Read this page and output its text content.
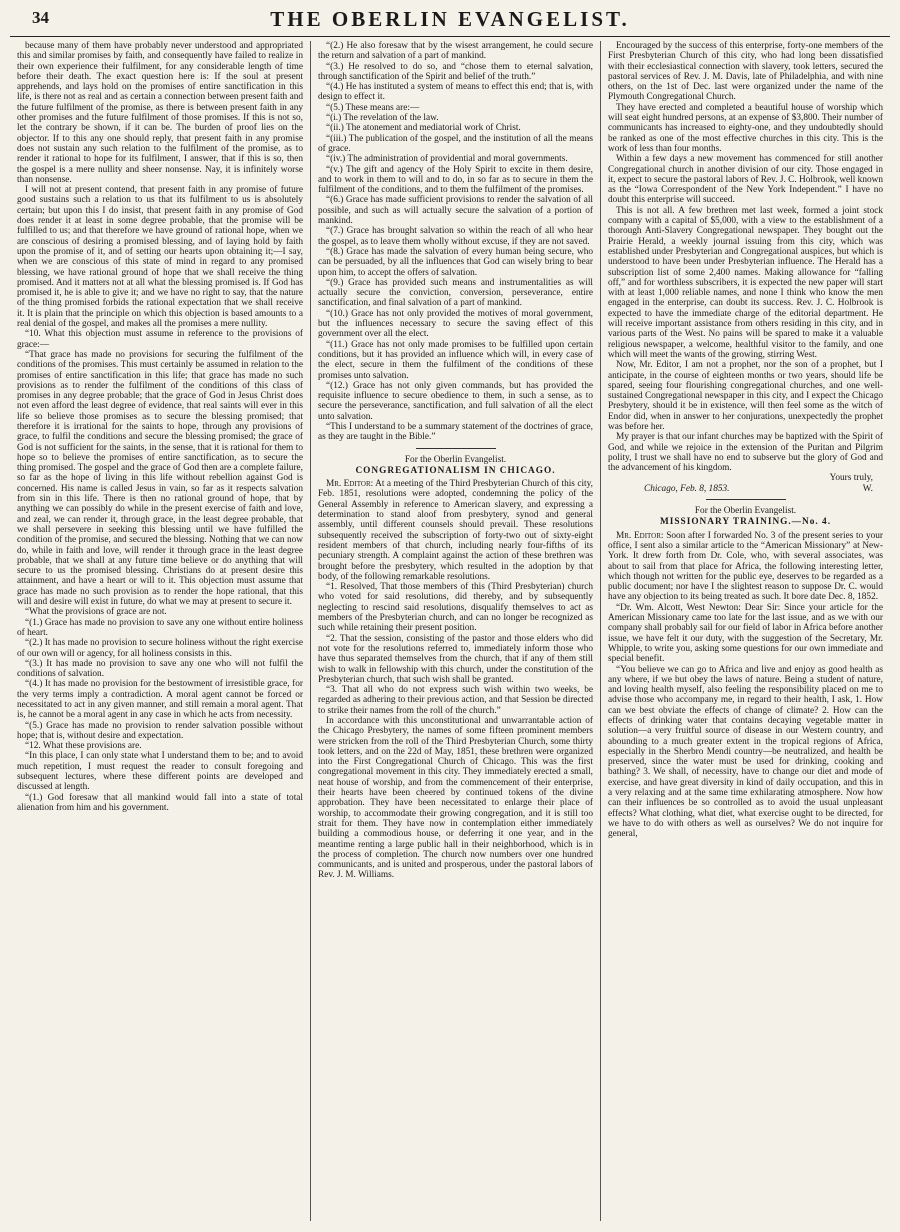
34	THE OBERLIN EVANGELIST.

because many of them have probably never understood and appropriated this and similar promises by faith, and consequently have failed to realize in their own experience their fulfilment, for any considerable length of time before their death. The exact question here is: If the soul at present apprehends, and lays hold on the promises of entire sanctification in this life, is there not as real and as certain a connection between present faith and the future fulfilment of the promise, as there is between present faith in any other promises and the future fulfilment of those promises. If this is not so, let the contrary be shown, if it can be. The burden of proof lies on the objector. If to this any one should reply, that present faith in any promise does not sustain any such relation to the fulfilment of the promise, as to render it rational to hope for its fulfilment, I answer, that if this is so, then the gospel is a mere nullity and sheer nonsense. Nay, it is infinitely worse than nonsense.

I will not at present contend, that present faith in any promise of future good sustains such a relation to us that its fulfilment to us is absolutely certain; but upon this I do insist, that present faith in any promise of God does render it at least in some degree probable, that the promise will be fulfilled to us; and that therefore we have ground of rational hope, when we are conscious of desiring a promised blessing, and of laying hold by faith upon the promise of it, and of setting our hearts upon obtaining it;—I say, when we are conscious of this state of mind in regard to any promised blessing, we have rational ground of hope that we shall receive the thing promised. And it matters not at all what the blessing promised is. If God has promised it, he is able to give it; and we have no right to say, that the nature of the thing promised forbids the rational expectation that we shall receive it. It is plain that the principle on which this objection is based amounts to a real denial of the gospel, and makes all the promises a mere nullity.

“10. What this objection must assume in reference to the provisions of grace:—

“That grace has made no provisions for securing the fulfilment of the conditions of the promises. This must certainly be assumed in relation to the promises of entire sanctification in this life; that grace has made no such provisions as to render the fulfilment of the conditions of this class of promises in any degree probable; that the grace of God in Jesus Christ does not even afford the least degree of evidence, that real saints will ever in this life so believe those promises as to secure the blessing promised; that therefore it is irrational for the saints to hope, through any provisions of grace, to fulfil the conditions and secure the blessing promised; the grace of God is not sufficient for the saints, in the sense, that it is rational for them to hope so to believe the promises of entire sanctification, as to secure the thing promised. The gospel and the grace of God then are a complete failure, so far as the hope of living in this life without rebellion against God is concerned. His name is called Jesus in vain, so far as it respects salvation from sin in this life. There is then no rational ground of hope, that by anything we can possibly do while in the present exercise of faith and love, and zeal, we can render it, through grace, in the least degree probable, that we shall persevere in seeking this blessing until we have fulfilled the condition of the promise, and secured the blessing. Nothing that we can now do, while in faith and love, will render it through grace in the least degree probable, that we shall at any future time believe or do anything that will secure to us the promised blessing. Christians do at present desire this attainment, and have a heart or will to it. This objection must assume that grace has made no such provision as to render the hope rational, that this will and desire will exist in future, do what we may at present to secure it.

“What the provisions of grace are not.

“(1.) Grace has made no provision to save any one without entire holiness of heart.

“(2.) It has made no provision to secure holiness without the right exercise of our own will or agency, for all holiness consists in this.

“(3.) It has made no provision to save any one who will not fulfil the conditions of salvation.

“(4.) It has made no provision for the bestowment of irresistible grace, for the very terms imply a contradiction. A moral agent cannot be forced or necessitated to act in any given manner, and still remain a moral agent. That is, he cannot be a moral agent in any case in which he acts from necessity.

“(5.) Grace has made no provision to render salvation possible without hope; that is, without desire and expectation.

“12. What these provisions are.

“In this place, I can only state what I understand them to be; and to avoid much repetition, I must request the reader to consult foregoing and subsequent lectures, where these different points are developed and discussed at length.

“(1.) God foresaw that all mankind would fall into a state of total alienation from him and his government.

“(2.) He also foresaw that by the wisest arrangement, he could secure the return and salvation of a part of mankind.

“(3.) He resolved to do so, and “chose them to eternal salvation, through sanctification of the Spirit and belief of the truth.”

“(4.) He has instituted a system of means to effect this end; that is, with design to effect it.

“(5.) These means are:—

“(i.) The revelation of the law.

“(ii.) The atonement and mediatorial work of Christ.

“(iii.) The publication of the gospel, and the institution of all the means of grace.

“(iv.) The administration of providential and moral governments.

“(v.) The gift and agency of the Holy Spirit to excite in them desire, and to work in them to will and to do, in so far as to secure in them the fulfilment of the conditions, and to them the fulfilment of the promises.

“(6.) Grace has made sufficient provisions to render the salvation of all possible, and such as will actually secure the salvation of a portion of mankind.

“(7.) Grace has brought salvation so within the reach of all who hear the gospel, as to leave them wholly without excuse, if they are not saved.

“(8.) Grace has made the salvation of every human being secure, who can be persuaded, by all the influences that God can wisely bring to bear upon him, to accept the offers of salvation.

“(9.) Grace has provided such means and instrumentalities as will actually secure the conviction, conversion, perseverance, entire sanctification, and final salvation of a part of mankind.

“(10.) Grace has not only provided the motives of moral government, but the influences necessary to secure the saving effect of this government over all the elect.

“(11.) Grace has not only made promises to be fulfilled upon certain conditions, but it has provided an influence which will, in every case of the elect, secure in them the fulfilment of the conditions of these promises unto salvation.

“(12.) Grace has not only given commands, but has provided the requisite influence to secure obedience to them, in such a sense, as to secure the perseverance, sanctification, and full salvation of all the elect unto salvation.

“This I understand to be a summary statement of the doctrines of grace, as they are taught in the Bible.”

For the Oberlin Evangelist.

CONGREGATIONALISM IN CHICAGO.

Mr. Editor: At a meeting of the Third Presbyterian Church of this city, Feb. 1851, resolutions were adopted, condemning the policy of the General Assembly in reference to American slavery, and expressing a determination to stand aloof from presbytery, synod and general assembly, until different counsels should prevail. These resolutions subsequently received the subscription of forty-two out of sixty-eight resident members of that church, including nearly four-fifths of its pecuniary strength. A complaint against the action of these brethren was brought before the presbytery, which resulted in the adoption by that body, of the following remarkable resolutions.

“1. Resolved, That those members of this (Third Presbyterian) church who voted for said resolutions, did thereby, and by subsequently neglecting to rescind said resolutions, disqualify themselves to act as members of the Presbyterian church, and can no longer be recognized as such while retaining their present position.

“2. That the session, consisting of the pastor and those elders who did not vote for the resolutions referred to, immediately inform those who have thus separated themselves from the church, that if any of them still wish to walk in fellowship with this church, under the constitution of the Presbyterian church, that such wish shall be granted.

“3. That all who do not express such wish within two weeks, be regarded as adhering to their previous action, and that Session be directed to strike their names from the roll of the church.”

In accordance with this unconstitutional and unwarrantable action of the Chicago Presbytery, the names of some fifteen prominent members were stricken from the roll of the Third Presbyterian Church, some thirty took letters, and on the 22d of May, 1851, these brethren were organized into the First Congregational Church of Chicago. This was the first congregational movement in this city. They immediately erected a small, neat house of worship, and from the commencement of their enterprise, their hearts have been cheered by continued tokens of the divine approbation. They have been necessitated to enlarge their place of worship, to accommodate their growing congregation, and it is still too strait for them. They have now in contemplation either immediately building a commodious house, or deferring it one year, and in the meantime renting a large public hall in their neighborhood, which is in the process of completion. The church now numbers over one hundred communicants, and is united and prosperous, under the pastoral labors of Rev. J. M. Williams.

Encouraged by the success of this enterprise, forty-one members of the First Presbyterian Church of this city, who had long been dissatisfied with their ecclesiastical connection with slavery, took letters, secured the pastoral services of Rev. J. M. Davis, late of Philadelphia, and with nine others, on the 1st of Dec. last were organized under the name of the Plymouth Congregational Church.

They have erected and completed a beautiful house of worship which will seat eight hundred persons, at an expense of $3,800. Their number of communicants has increased to eighty-one, and they undoubtedly should be ranked as one of the most effective churches in this city. This is the work of less than four months.

Within a few days a new movement has commenced for still another Congregational church in another division of our city. Those engaged in it, expect to secure the pastoral labors of Rev. J. C. Holbrook, well known as the “Iowa Correspondent of the New York Independent.” I have no doubt this enterprise will succeed.

This is not all. A few brethren met last week, formed a joint stock company with a capital of $5,000, with a view to the establishment of a thorough Anti-Slavery Congregational newspaper. They bought out the Prairie Herald, a weekly journal issuing from this city, which was established under Presbyterian and Congregational auspices, but which is understood to have been under Presbyterian influence. The Herald has a subscription list of some 2,400 names. Making allowance for “falling off,” and for worthless subscribers, it is expected the new paper will start with at least 1,000 reliable names, and none I think who know the men engaged in the enterprise, can doubt its success. Rev. J. C. Holbrook is expected to have the immediate charge of the editorial department. He will receive important assistance from others residing in this city, and in various parts of the West. No pains will be spared to make it a valuable religious newspaper, a welcome, healthful visitor to the family, and one which will meet the wants of the growing, stirring West.

Now, Mr. Editor, I am not a prophet, nor the son of a prophet, but I anticipate, in the course of eighteen months or two years, should life be spared, seeing four flourishing congregational churches, and one well-sustained Congregational newspaper in this city, and I expect the Chicago Presbytery, should it be in existence, will then feel some as the witch of Endor did, when in answer to her conjurations, unexpectedly the prophet was before her.

My prayer is that our infant churches may be baptized with the Spirit of God, and while we rejoice in the extension of the Puritan and Pilgrim polity, I trust we shall have no end to subserve but the glory of God and the advancement of his kingdom.

Yours truly,

Chicago, Feb. 8, 1853.	W.

For the Oberlin Evangelist.

MISSIONARY TRAINING.—No. 4.

Mr. Editor: Soon after I forwarded No. 3 of the present series to your office, I sent also a similar article to the “American Missionary” at New-York. It drew forth from Dr. Cole, who, with several associates, was about to sail from that place for Africa, the following interesting letter, which though not written for the public eye, deserves to be regarded as a public document; nor have I the slightest reason to suppose Dr. C. would have any objection to its being treated as such. It bore date Dec. 8, 1852.

“Dr. Wm. Alcott, West Newton: Dear Sir: Since your article for the American Missionary came too late for the last issue, and as we with our company shall probably sail for our field of labor in Africa before another issue, we have felt it our duty, with the suggestion of the Secretary, Mr. Whipple, to write you, asking some questions for our own immediate and special benefit.

“You believe we can go to Africa and live and enjoy as good health as any where, if we but obey the laws of nature. Being a student of nature, and loving health myself, also feeling the responsibility placed on me to advise those who accompany me, in regard to their health, I ask, 1. How can we best obviate the effects of change of climate? 2. How can the effects of drinking water that contains decaying vegetable matter in solution—a very fruitful source of disease in our Western country, and abounding to a much greater extent in the tropical regions of Africa, especially in the Sherbro Mendi country—be neutralized, and health be preserved, since the water must be used for drinking, cooking and bathing? 3. We shall, of necessity, have to change our diet and mode of exercise, and have great diversity in kind of daily occupation, and this in a very relaxing and at the same time exhilarating atmosphere. Now how can their influences be so controlled as to avoid the usual unpleasant effects? What clothing, what diet, what exercise ought to be directed, for we have to do with others as well as ourselves? We do not inquire for general,
